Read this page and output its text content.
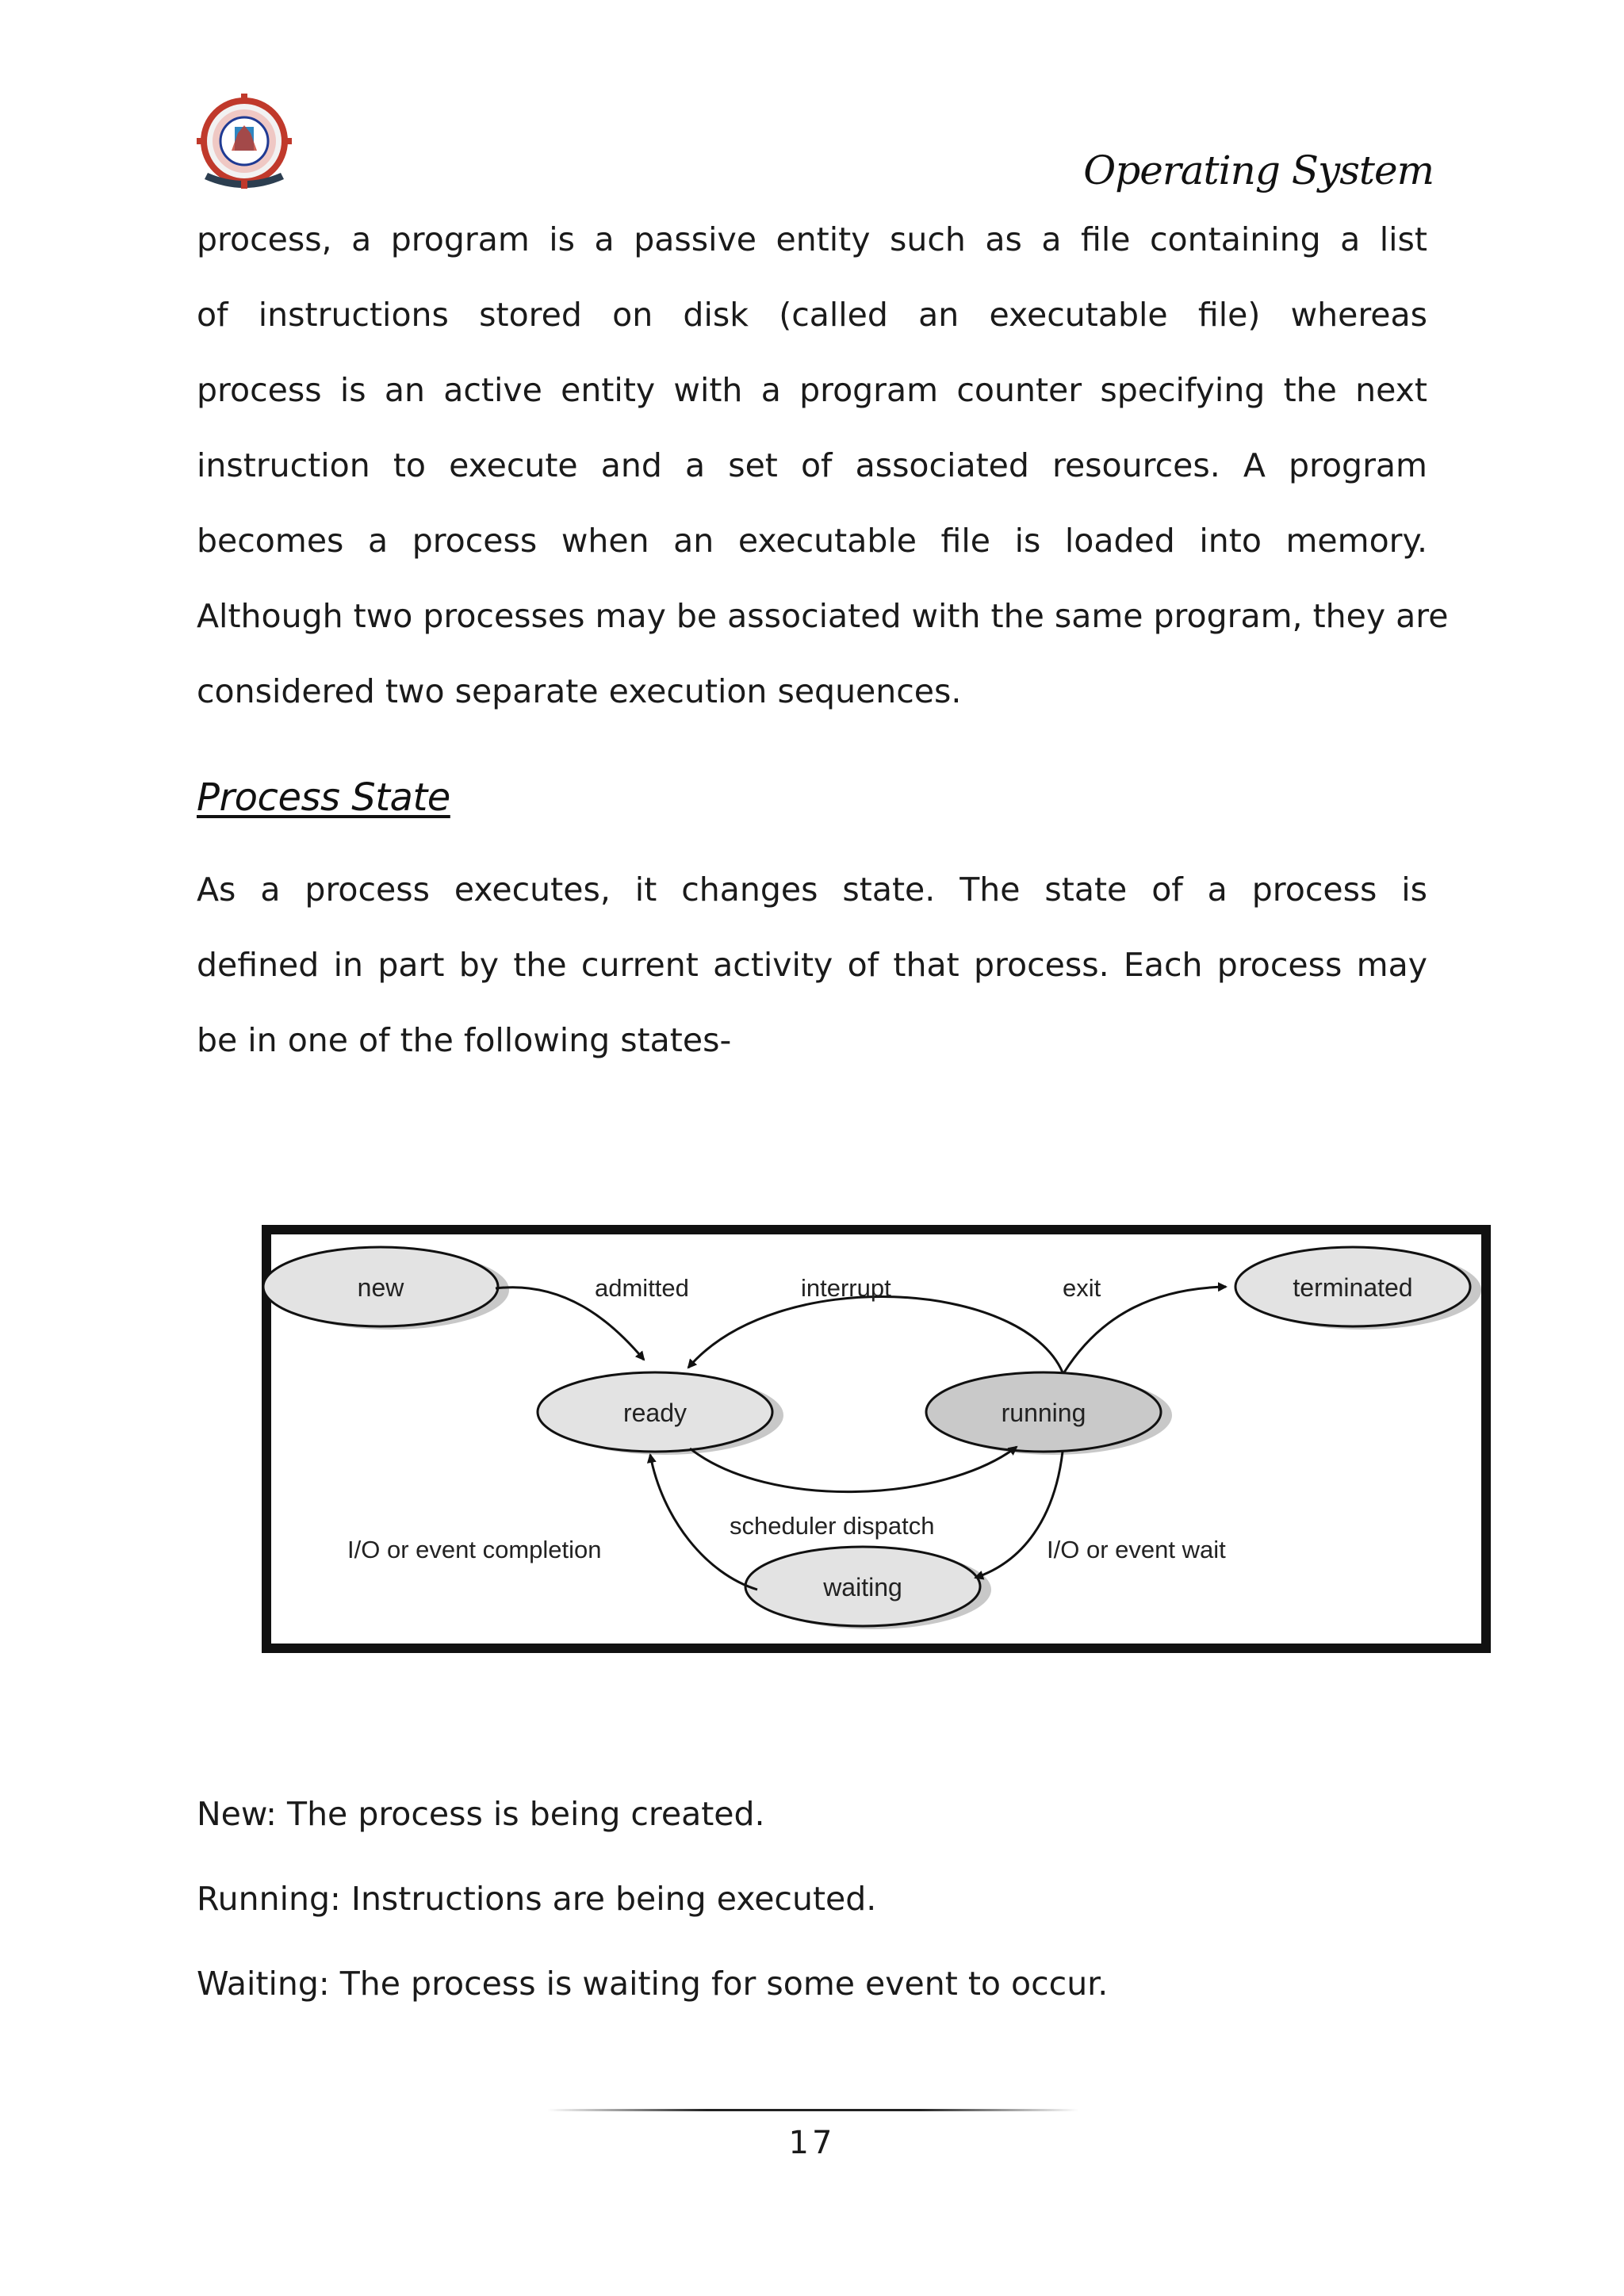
Operating System
process, a program is a passive entity such as a file containing a list
of instructions stored on disk (called an executable file) whereas
process is an active entity with a program counter specifying the next
instruction to execute and a set of associated resources. A program
becomes a process when an executable file is loaded into memory.
Although two processes may be associated with the same program, they are
considered two separate execution sequences.
Process State
As a process executes, it changes state. The state of a process is
defined in part by the current activity of that process. Each process may
be in one of the following states-
new	terminated
ready	running
waiting
admitted	interrupt	exit
scheduler dispatch
I/O or event completion	I/O or event wait
New: The process is being created.
Running: Instructions are being executed.
Waiting: The process is waiting for some event to occur.
17
